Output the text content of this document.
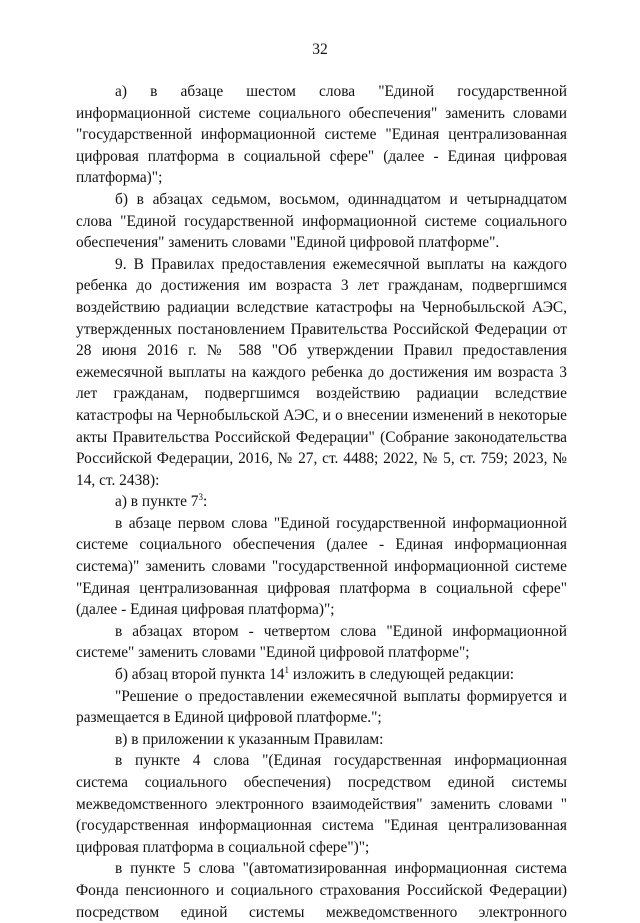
32

а) в абзаце шестом слова "Единой государственной информационной системе социального обеспечения" заменить словами "государственной информационной системе "Единая централизованная цифровая платформа в социальной сфере" (далее - Единая цифровая платформа)";

б) в абзацах седьмом, восьмом, одиннадцатом и четырнадцатом слова "Единой государственной информационной системе социального обеспечения" заменить словами "Единой цифровой платформе".

9. В Правилах предоставления ежемесячной выплаты на каждого ребенка до достижения им возраста 3 лет гражданам, подвергшимся воздействию радиации вследствие катастрофы на Чернобыльской АЭС, утвержденных постановлением Правительства Российской Федерации от 28 июня 2016 г. № 588 "Об утверждении Правил предоставления ежемесячной выплаты на каждого ребенка до достижения им возраста 3 лет гражданам, подвергшимся воздействию радиации вследствие катастрофы на Чернобыльской АЭС, и о внесении изменений в некоторые акты Правительства Российской Федерации" (Собрание законодательства Российской Федерации, 2016, № 27, ст. 4488; 2022, № 5, ст. 759; 2023, № 14, ст. 2438):

а) в пункте $7^3$:

в абзаце первом слова "Единой государственной информационной системе социального обеспечения (далее - Единая информационная система)" заменить словами "государственной информационной системе "Единая централизованная цифровая платформа в социальной сфере" (далее - Единая цифровая платформа)";

в абзацах втором - четвертом слова "Единой информационной системе" заменить словами "Единой цифровой платформе";

б) абзац второй пункта $14^1$ изложить в следующей редакции:

"Решение о предоставлении ежемесячной выплаты формируется и размещается в Единой цифровой платформе.";

в) в приложении к указанным Правилам:

в пункте 4 слова "(Единая государственная информационная система социального обеспечения) посредством единой системы межведомственного электронного взаимодействия" заменить словами "(государственная информационная система "Единая централизованная цифровая платформа в социальной сфере")";

в пункте 5 слова "(автоматизированная информационная система Фонда пенсионного и социального страхования Российской Федерации) посредством единой системы межведомственного электронного
